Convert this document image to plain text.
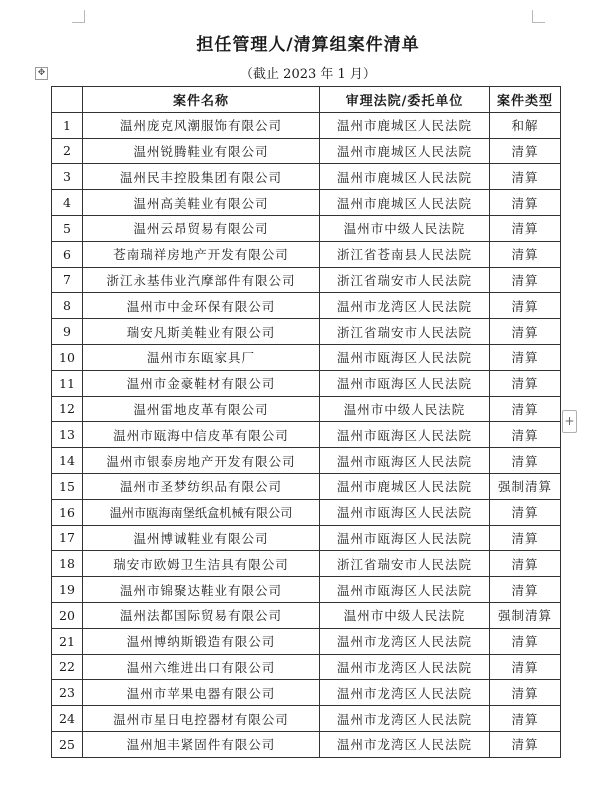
担任管理人/清算组案件清单
（截止 2023 年 1 月）
✥
+
	案件名称	审理法院/委托单位	案件类型
1	温州庞克风潮服饰有限公司	温州市鹿城区人民法院	和解
2	温州锐腾鞋业有限公司	温州市鹿城区人民法院	清算
3	温州民丰控股集团有限公司	温州市鹿城区人民法院	清算
4	温州高美鞋业有限公司	温州市鹿城区人民法院	清算
5	温州云昂贸易有限公司	温州市中级人民法院	清算
6	苍南瑞祥房地产开发有限公司	浙江省苍南县人民法院	清算
7	浙江永基伟业汽摩部件有限公司	浙江省瑞安市人民法院	清算
8	温州市中金环保有限公司	温州市龙湾区人民法院	清算
9	瑞安凡斯美鞋业有限公司	浙江省瑞安市人民法院	清算
10	温州市东瓯家具厂	温州市瓯海区人民法院	清算
11	温州市金豪鞋材有限公司	温州市瓯海区人民法院	清算
12	温州雷地皮革有限公司	温州市中级人民法院	清算
13	温州市瓯海中信皮革有限公司	温州市瓯海区人民法院	清算
14	温州市银泰房地产开发有限公司	温州市瓯海区人民法院	清算
15	温州市圣梦纺织品有限公司	温州市鹿城区人民法院	强制清算
16	温州市瓯海南堡纸盒机械有限公司	温州市瓯海区人民法院	清算
17	温州博诚鞋业有限公司	温州市瓯海区人民法院	清算
18	瑞安市欧姆卫生洁具有限公司	浙江省瑞安市人民法院	清算
19	温州市锦聚达鞋业有限公司	温州市瓯海区人民法院	清算
20	温州法都国际贸易有限公司	温州市中级人民法院	强制清算
21	温州博纳斯锻造有限公司	温州市龙湾区人民法院	清算
22	温州六维进出口有限公司	温州市龙湾区人民法院	清算
23	温州市苹果电器有限公司	温州市龙湾区人民法院	清算
24	温州市星日电控器材有限公司	温州市龙湾区人民法院	清算
25	温州旭丰紧固件有限公司	温州市龙湾区人民法院	清算
